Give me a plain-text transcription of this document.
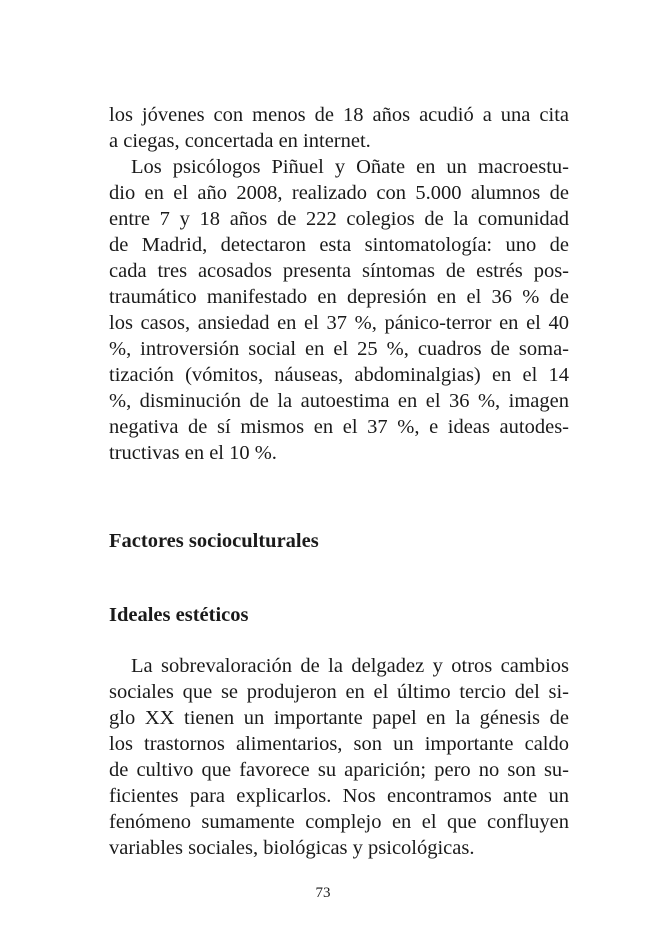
los jóvenes con menos de 18 años acudió a una cita
a ciegas, concertada en internet.
Los psicólogos Piñuel y Oñate en un macroestu-
dio en el año 2008, realizado con 5.000 alumnos de
entre 7 y 18 años de 222 colegios de la comunidad
de Madrid, detectaron esta sintomatología: uno de
cada tres acosados presenta síntomas de estrés pos-
traumático manifestado en depresión en el 36 % de
los casos, ansiedad en el 37 %, pánico-terror en el 40
%, introversión social en el 25 %, cuadros de soma-
tización (vómitos, náuseas, abdominalgias) en el 14
%, disminución de la autoestima en el 36 %, imagen
negativa de sí mismos en el 37 %, e ideas autodes-
tructivas en el 10 %.
Factores socioculturales
Ideales estéticos
La sobrevaloración de la delgadez y otros cambios
sociales que se produjeron en el último tercio del si-
glo XX tienen un importante papel en la génesis de
los trastornos alimentarios, son un importante caldo
de cultivo que favorece su aparición; pero no son su-
ficientes para explicarlos. Nos encontramos ante un
fenómeno sumamente complejo en el que confluyen
variables sociales, biológicas y psicológicas.
73
